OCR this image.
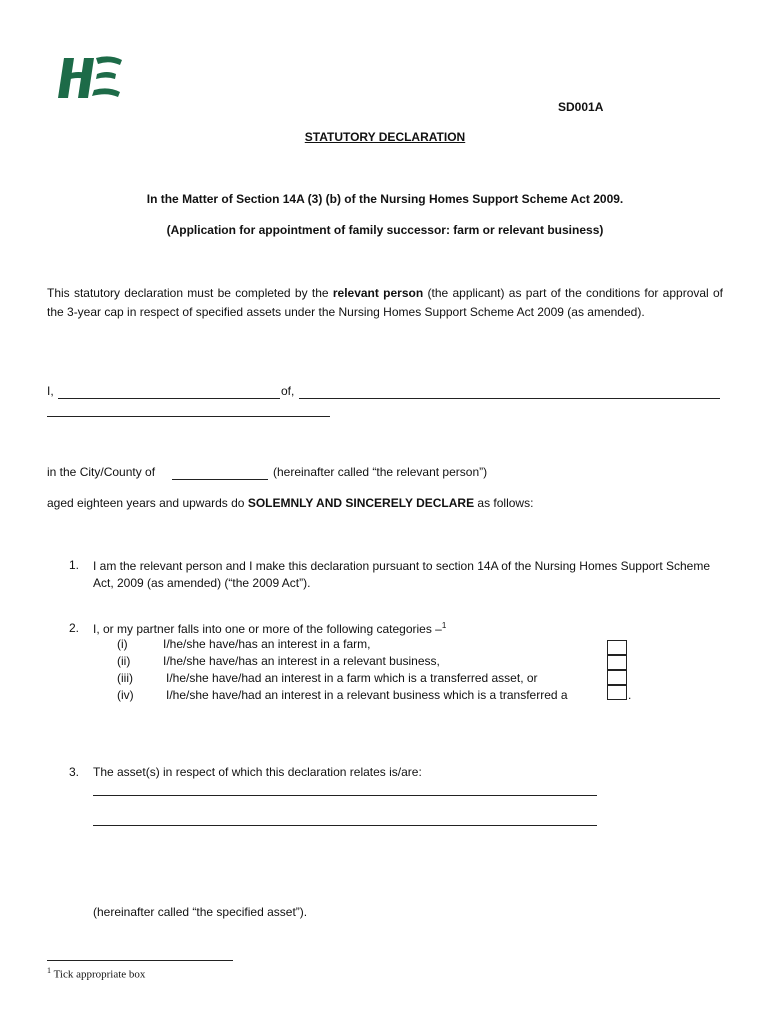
SD001A
STATUTORY DECLARATION
In the Matter of Section 14A (3) (b) of the Nursing Homes Support Scheme Act 2009.
(Application for appointment of family successor: farm or relevant business)
This statutory declaration must be completed by the relevant person (the applicant) as part of the conditions for approval of the 3-year cap in respect of specified assets under the Nursing Homes Support Scheme Act 2009 (as amended).
I,	of,
in the City/County of	(hereinafter called “the relevant person”)
aged eighteen years and upwards do SOLEMNLY AND SINCERELY DECLARE as follows:
1. I am the relevant person and I make this declaration pursuant to section 14A of the Nursing Homes Support Scheme Act, 2009 (as amended) (“the 2009 Act”).
2. I, or my partner falls into one or more of the following categories –$^1$
(i)	I/he/she have/has an interest in a farm,
(ii)	I/he/she have/has an interest in a relevant business,
(iii)	I/he/she have/had an interest in a farm which is a transferred asset, or
(iv)	I/he/she have/had an interest in a relevant business which is a transferred a	.
3. The asset(s) in respect of which this declaration relates is/are:
(hereinafter called “the specified asset”).
$^1$ Tick appropriate box
